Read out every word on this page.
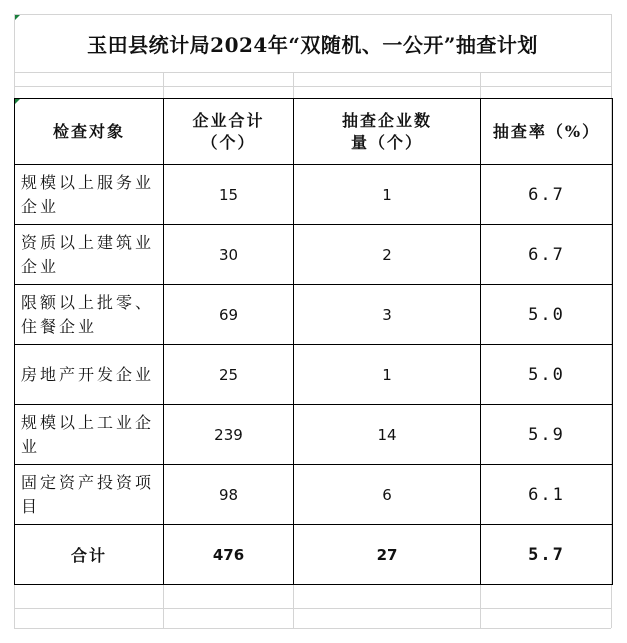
玉田县统计局2024年“双随机、一公开”抽查计划
检查对象	企业合计（个）	抽查企业数量（个）	抽查率（%）
规模以上服务业企业	15	1	6.7
资质以上建筑业企业	30	2	6.7
限额以上批零、住餐企业	69	3	5.0
房地产开发企业	25	1	5.0
规模以上工业企业	239	14	5.9
固定资产投资项目	98	6	6.1
合计	476	27	5.7
